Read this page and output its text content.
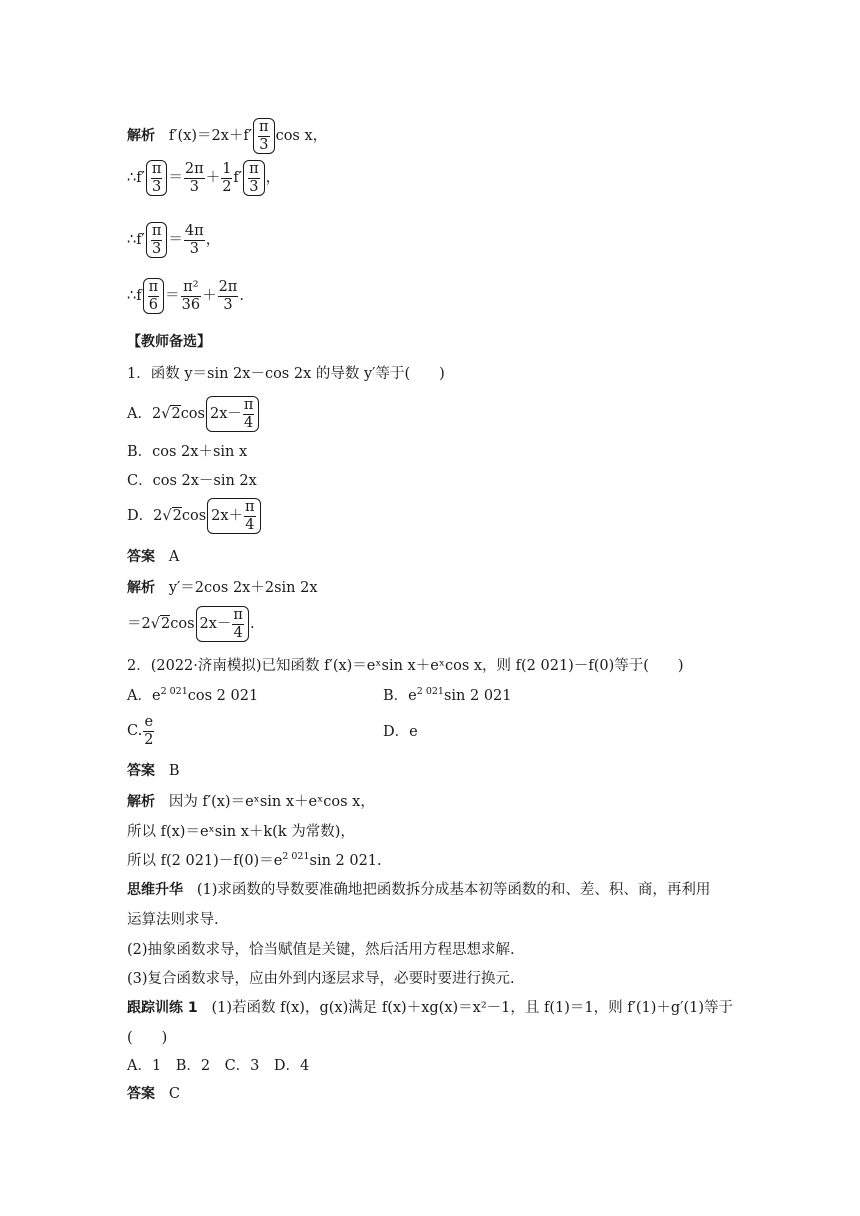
解析 $f'(x)=2x+f' \frac{\pi}{3}$ cos x，
∴f′ $\frac{\pi}{3} = \frac{2\pi}{3} + \frac{1}{2} f' \frac{\pi}{3}$ ，
∴f′ $\frac{\pi}{3} = \frac{4\pi}{3}$ ，
∴f $\frac{\pi}{6} = \frac{\text{π²}}{36} + \frac{2\pi}{3}$ .
【教师备选】
1．函数 y＝sin 2x－cos 2x 的导数 y′等于(　　)
A．2√2cos $2x- \frac{\pi}{4}$
B．cos 2x＋sin x
C．cos 2x－sin 2x
D．2√2cos $2x+ \frac{\pi}{4}$
答案 A
解析 y′＝2cos 2x＋2sin 2x
＝2√2cos $2x- \frac{\pi}{4}$ .
2．(2022·济南模拟)已知函数 f′(x)＝eˣsin x＋eˣcos x，则 f(2 021)－f(0)等于(　　)
A．$e^{2 021}\cos$ 2 021	B．$e^{2 021}\sin$ 2 021
C. $\frac{e}{2}$	D．e
答案 B
解析 因为 f′(x)＝eˣsin x＋eˣcos x，
所以 f(x)＝eˣsin x＋k(k 为常数)，
所以 f(2 $021)-f(0)=e^{2 021}\sin$ 2 021.
思维升华 (1)求函数的导数要准确地把函数拆分成基本初等函数的和、差、积、商，再利用
运算法则求导.
(2)抽象函数求导，恰当赋值是关键，然后活用方程思想求解.
(3)复合函数求导，应由外到内逐层求导，必要时要进行换元.
跟踪训练 1 (1)若函数 f(x)，g(x)满足 f(x)＋xg(x)＝x²－1，且 f(1)＝1，则 f′(1)＋g′(1)等于
(　　)
A．1　B．2　C．3　D．4
答案 C
